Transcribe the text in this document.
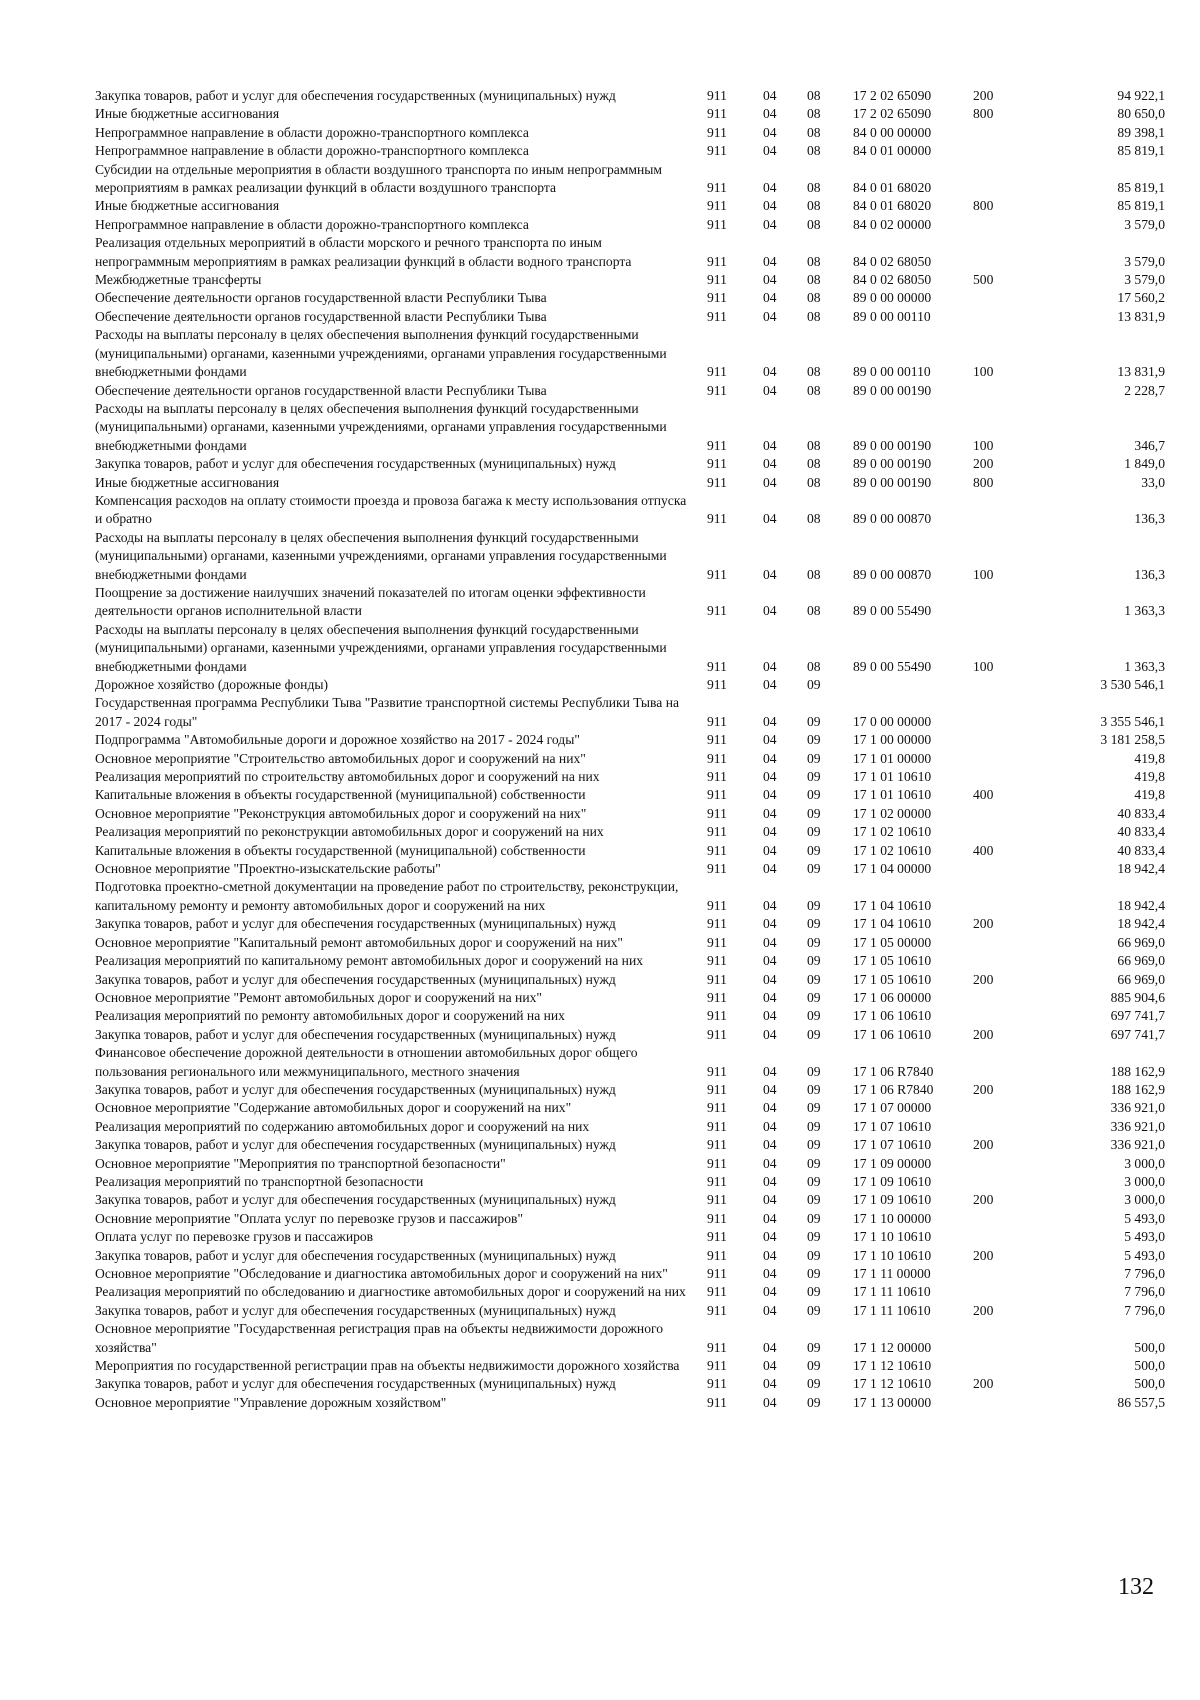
Закупка товаров, работ и услуг для обеспечения государственных (муниципальных) нужд	911	04	08	17 2 02 65090	200	94 922,1
Иные бюджетные ассигнования	911	04	08	17 2 02 65090	800	80 650,0
Непрограммное направление в области дорожно-транспортного комплекса	911	04	08	84 0 00 00000		89 398,1
Непрограммное направление в области дорожно-транспортного комплекса	911	04	08	84 0 01 00000		85 819,1
Субсидии на отдельные мероприятия в области воздушного транспорта по иным непрограммным мероприятиям в рамках реализации функций в области воздушного транспорта	911	04	08	84 0 01 68020		85 819,1
Иные бюджетные ассигнования	911	04	08	84 0 01 68020	800	85 819,1
Непрограммное направление в области дорожно-транспортного комплекса	911	04	08	84 0 02 00000		3 579,0
Реализация отдельных мероприятий в области морского и речного транспорта по иным непрограммным мероприятиям в рамках реализации функций в области водного транспорта	911	04	08	84 0 02 68050		3 579,0
Межбюджетные трансферты	911	04	08	84 0 02 68050	500	3 579,0
Обеспечение деятельности органов государственной власти Республики Тыва	911	04	08	89 0 00 00000		17 560,2
Обеспечение деятельности органов государственной власти Республики Тыва	911	04	08	89 0 00 00110		13 831,9
Расходы на выплаты персоналу в целях обеспечения выполнения функций государственными (муниципальными) органами, казенными учреждениями, органами управления государственными внебюджетными фондами	911	04	08	89 0 00 00110	100	13 831,9
Обеспечение деятельности органов государственной власти Республики Тыва	911	04	08	89 0 00 00190		2 228,7
Расходы на выплаты персоналу в целях обеспечения выполнения функций государственными (муниципальными) органами, казенными учреждениями, органами управления государственными внебюджетными фондами	911	04	08	89 0 00 00190	100	346,7
Закупка товаров, работ и услуг для обеспечения государственных (муниципальных) нужд	911	04	08	89 0 00 00190	200	1 849,0
Иные бюджетные ассигнования	911	04	08	89 0 00 00190	800	33,0
Компенсация расходов на оплату стоимости проезда и провоза багажа к месту использования отпуска и обратно	911	04	08	89 0 00 00870		136,3
Расходы на выплаты персоналу в целях обеспечения выполнения функций государственными (муниципальными) органами, казенными учреждениями, органами управления государственными внебюджетными фондами	911	04	08	89 0 00 00870	100	136,3
Поощрение за достижение наилучших значений показателей по итогам оценки эффективности деятельности органов исполнительной власти	911	04	08	89 0 00 55490		1 363,3
Расходы на выплаты персоналу в целях обеспечения выполнения функций государственными (муниципальными) органами, казенными учреждениями, органами управления государственными внебюджетными фондами	911	04	08	89 0 00 55490	100	1 363,3
Дорожное хозяйство (дорожные фонды)	911	04	09			3 530 546,1
Государственная программа Республики Тыва "Развитие транспортной системы Республики Тыва на 2017 - 2024 годы"	911	04	09	17 0 00 00000		3 355 546,1
Подпрограмма "Автомобильные дороги и дорожное хозяйство на 2017 - 2024 годы"	911	04	09	17 1 00 00000		3 181 258,5
Основное мероприятие "Строительство автомобильных дорог и сооружений на них"	911	04	09	17 1 01 00000		419,8
Реализация мероприятий по строительству автомобильных дорог и сооружений на них	911	04	09	17 1 01 10610		419,8
Капитальные вложения в объекты государственной (муниципальной) собственности	911	04	09	17 1 01 10610	400	419,8
Основное мероприятие "Реконструкция автомобильных дорог и сооружений на них"	911	04	09	17 1 02 00000		40 833,4
Реализация мероприятий по реконструкции автомобильных дорог и сооружений на них	911	04	09	17 1 02 10610		40 833,4
Капитальные вложения в объекты государственной (муниципальной) собственности	911	04	09	17 1 02 10610	400	40 833,4
Основное мероприятие "Проектно-изыскательские работы"	911	04	09	17 1 04 00000		18 942,4
Подготовка проектно-сметной документации на проведение работ по строительству, реконструкции, капитальному ремонту и ремонту автомобильных дорог и сооружений на них	911	04	09	17 1 04 10610		18 942,4
Закупка товаров, работ и услуг для обеспечения государственных (муниципальных) нужд	911	04	09	17 1 04 10610	200	18 942,4
Основное мероприятие "Капитальный ремонт автомобильных дорог и сооружений на них"	911	04	09	17 1 05 00000		66 969,0
Реализация мероприятий по капитальному ремонт автомобильных дорог и сооружений на них	911	04	09	17 1 05 10610		66 969,0
Закупка товаров, работ и услуг для обеспечения государственных (муниципальных) нужд	911	04	09	17 1 05 10610	200	66 969,0
Основное мероприятие "Ремонт автомобильных дорог и сооружений на них"	911	04	09	17 1 06 00000		885 904,6
Реализация мероприятий по ремонту автомобильных дорог и сооружений на них	911	04	09	17 1 06 10610		697 741,7
Закупка товаров, работ и услуг для обеспечения государственных (муниципальных) нужд	911	04	09	17 1 06 10610	200	697 741,7
Финансовое обеспечение дорожной деятельности в отношении автомобильных дорог общего пользования регионального или межмуниципального, местного значения	911	04	09	17 1 06 R7840		188 162,9
Закупка товаров, работ и услуг для обеспечения государственных (муниципальных) нужд	911	04	09	17 1 06 R7840	200	188 162,9
Основное мероприятие "Содержание автомобильных дорог и сооружений на них"	911	04	09	17 1 07 00000		336 921,0
Реализация мероприятий по содержанию автомобильных дорог и сооружений на них	911	04	09	17 1 07 10610		336 921,0
Закупка товаров, работ и услуг для обеспечения государственных (муниципальных) нужд	911	04	09	17 1 07 10610	200	336 921,0
Основное мероприятие "Мероприятия по транспортной безопасности"	911	04	09	17 1 09 00000		3 000,0
Реализация мероприятий по транспортной безопасности	911	04	09	17 1 09 10610		3 000,0
Закупка товаров, работ и услуг для обеспечения государственных (муниципальных) нужд	911	04	09	17 1 09 10610	200	3 000,0
Основние мероприятие "Оплата услуг по перевозке грузов и пассажиров"	911	04	09	17 1 10 00000		5 493,0
Оплата услуг по перевозке грузов и пассажиров	911	04	09	17 1 10 10610		5 493,0
Закупка товаров, работ и услуг для обеспечения государственных (муниципальных) нужд	911	04	09	17 1 10 10610	200	5 493,0
Основное мероприятие "Обследование и диагностика автомобильных дорог и сооружений на них"	911	04	09	17 1 11 00000		7 796,0
Реализация мероприятий по обследованию и диагностике автомобильных дорог и сооружений на них	911	04	09	17 1 11 10610		7 796,0
Закупка товаров, работ и услуг для обеспечения государственных (муниципальных) нужд	911	04	09	17 1 11 10610	200	7 796,0
Основное мероприятие "Государственная регистрация прав на объекты недвижимости дорожного хозяйства"	911	04	09	17 1 12 00000		500,0
Мероприятия по государственной регистрации прав на объекты недвижимости дорожного хозяйства	911	04	09	17 1 12 10610		500,0
Закупка товаров, работ и услуг для обеспечения государственных (муниципальных) нужд	911	04	09	17 1 12 10610	200	500,0
Основное мероприятие "Управление дорожным хозяйством"	911	04	09	17 1 13 00000		86 557,5
132
